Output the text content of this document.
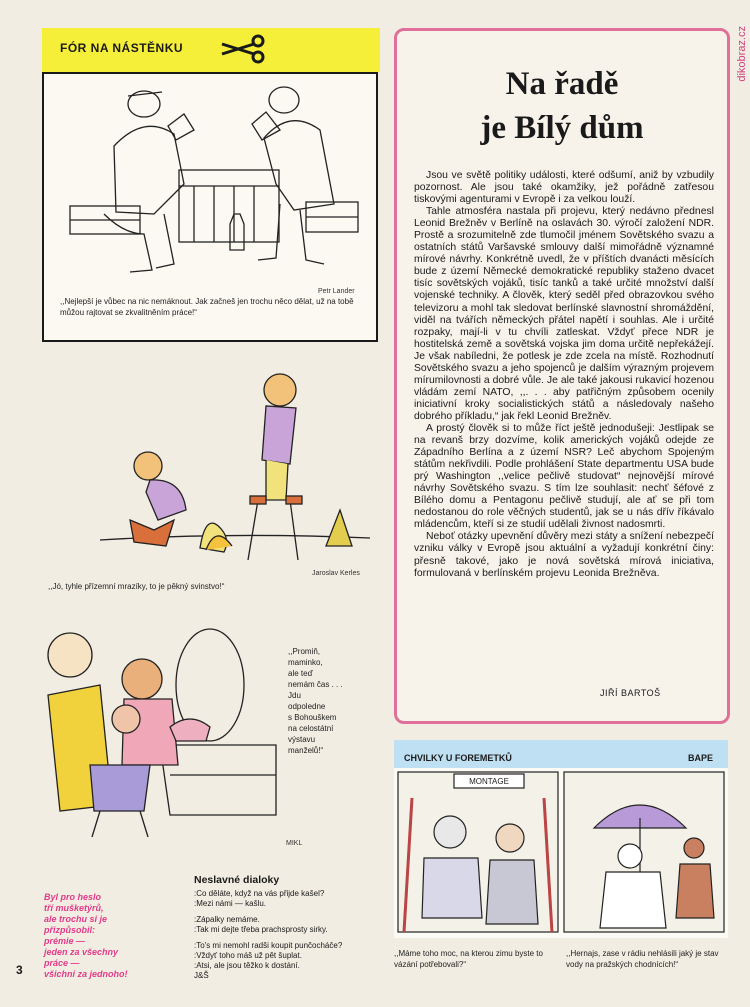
FÓR NA NÁSTĚNKU
Petr Lander
,,Nejlepší je vůbec na nic nemáknout. Jak začneš jen trochu něco dělat, už na tobě můžou rajtovat se zkvalitněním práce!“
Jaroslav Kerles
,,Jó, tyhle přízemní mrazíky, to je pěkný svinstvo!“
,,Promiň,
maminko,
ale teď
nemám čas . . .
Jdu
odpoledne
s Bohouškem
na celostátní
výstavu
manželů!“
MIKL
Na řadě
je Bílý dům

Jsou ve světě politiky události, které odšumí, aniž by vzbudily pozornost. Ale jsou také okamžiky, jež pořádně zatřesou tiskovými agenturami v Evropě i za velkou louží.

Tahle atmosféra nastala při projevu, který nedávno přednesl Leonid Brežněv v Berlíně na oslavách 30. výročí založení NDR. Prostě a srozumitelně zde tlumočil jménem Sovětského svazu a ostatních států Varšavské smlouvy další mimořádně významné mírové návrhy. Konkrétně uvedl, že v příštích dvanácti měsících bude z území Německé demokratické republiky staženo dvacet tisíc sovětských vojáků, tisíc tanků a také určité množství další vojenské techniky. A člověk, který seděl před obrazovkou svého televizoru a mohl tak sledovat berlínské slavnostní shromáždění, viděl na tvářích německých přátel napětí i souhlas. Ale i určité rozpaky, mají-li v tu chvíli zatleskat. Vždyť přece NDR je hostitelská země a sovětská vojska jim doma určitě nepřekážejí. Je však nabíledni, že potlesk je zde zcela na místě. Rozhodnutí Sovětského svazu a jeho spojenců je dalším výrazným projevem mírumilovnosti a dobré vůle. Je ale také jakousi rukavicí hozenou vládám zemí NATO, ,,. . . aby patřičným způsobem ocenily iniciativní kroky socialistických států a následovaly našeho dobrého příkladu,“ jak řekl Leonid Brežněv.

A prostý člověk si to může říct ještě jednodušeji: Jestlipak se na revanš brzy dozvíme, kolik amerických vojáků odejde ze Západního Berlína a z území NSR? Leč abychom Spojeným státům nekřivdili. Podle prohlášení State departmentu USA bude prý Washington ,,velice pečlivě studovat“ nejnovější mírové návrhy Sovětského svazu. S tím lze souhlasit: nechť šéfové z Bílého domu a Pentagonu pečlivě studují, ale ať se při tom nedostanou do role věčných studentů, jak se u nás dřív říkávalo mládencům, kteří si ze studií udělali živnost nadosmrti.

Neboť otázky upevnění důvěry mezi státy a snížení nebezpečí vzniku války v Evropě jsou aktuální a vyžadují konkrétní činy: přesně takové, jako je nová sovětská mírová iniciativa, formulovaná v berlínském projevu Leonida Brežněva.

JIŘÍ BARTOŠ
dikobraz.cz
CHVILKY U FOREMETKŮ	BAPE
MONTAGE
,,Máme toho moc, na kterou zimu byste to vázání potřebovali?“
,,Hernajs, zase v rádiu nehlásili jaký je stav vody na pražských chodnících!“
Byl pro heslo
tří mušketýrů,
ale trochu si je
přizpůsobil:
prémie —
jeden za všechny
práce —
všichni za jednoho!
Neslavné dialoky
:Co děláte, když na vás přijde kašel?
:Mezi námi — kašlu.
:Zápalky nemáme.
:Tak mi dejte třeba prachsprosty sirky.
:To's mi nemohl radši koupit punčocháče?
:Vždyť toho máš už pět šuplat.
:Atsi, ale jsou těžko k dostání.
J&Š
3
